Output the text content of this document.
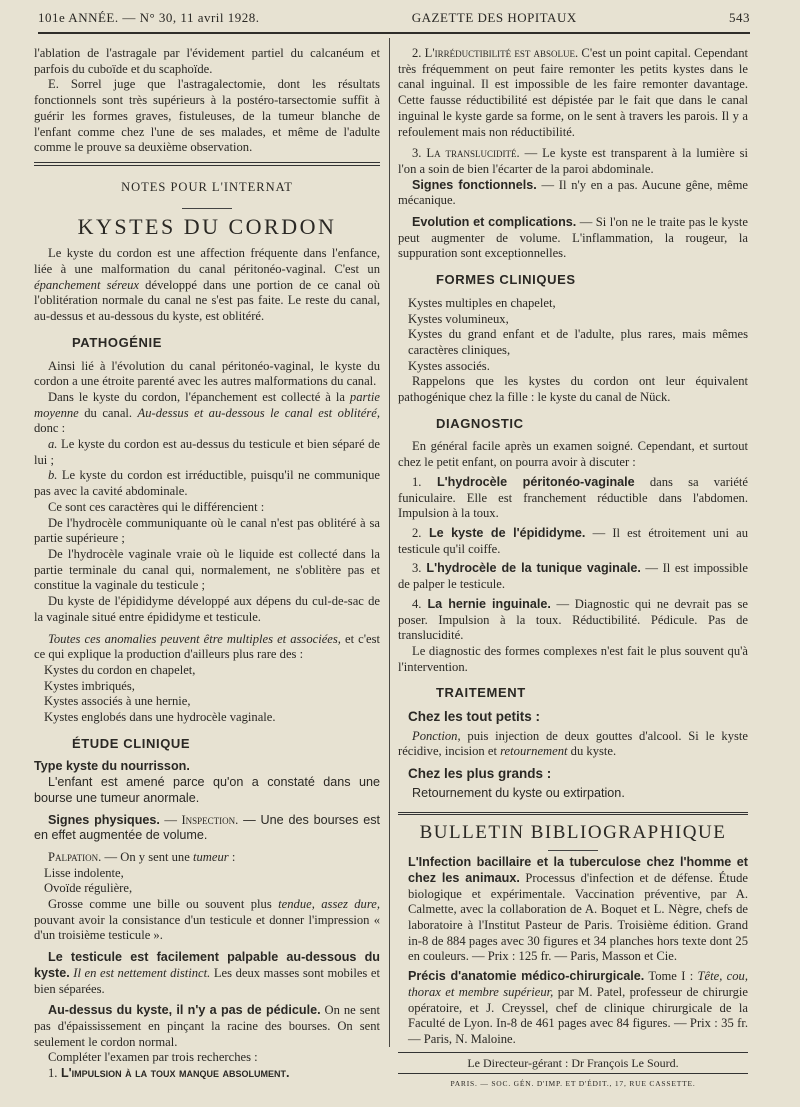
101e ANNÉE. — N° 30, 11 avril 1928.	GAZETTE DES HOPITAUX	543

l'ablation de l'astragale par l'évidement partiel du calcanéum et parfois du cuboïde et du scaphoïde.

E. Sorrel juge que l'astragalectomie, dont les résultats fonctionnels sont très supérieurs à la postéro-tarsectomie suffit à guérir les formes graves, fistuleuses, de la tumeur blanche de l'enfant comme chez l'une de ses malades, et même de l'adulte comme le prouve sa deuxième observation.

NOTES POUR L'INTERNAT
KYSTES DU CORDON

Le kyste du cordon est une affection fréquente dans l'enfance, liée à une malformation du canal péritonéo-vaginal. C'est un épanchement séreux développé dans une portion de ce canal où l'oblitération normale du canal ne s'est pas faite. Le reste du canal, au-dessus et au-dessous du kyste, est oblitéré.

PATHOGÉNIE

Ainsi lié à l'évolution du canal péritonéo-vaginal, le kyste du cordon a une étroite parenté avec les autres malformations du canal.

Dans le kyste du cordon, l'épanchement est collecté à la partie moyenne du canal. Au-dessus et au-dessous le canal est oblitéré, donc :

a. Le kyste du cordon est au-dessus du testicule et bien séparé de lui ;

b. Le kyste du cordon est irréductible, puisqu'il ne communique pas avec la cavité abdominale.

Ce sont ces caractères qui le différencient :

De l'hydrocèle communiquante où le canal n'est pas oblitéré à sa partie supérieure ;

De l'hydrocèle vaginale vraie où le liquide est collecté dans la partie terminale du canal qui, normalement, ne s'oblitère pas et constitue la vaginale du testicule ;

Du kyste de l'épididyme développé aux dépens du cul-de-sac de la vaginale situé entre épididyme et testicule.

Toutes ces anomalies peuvent être multiples et associées, et c'est ce qui explique la production d'ailleurs plus rare des :

Kystes du cordon en chapelet,
Kystes imbriqués,
Kystes associés à une hernie,
Kystes englobés dans une hydrocèle vaginale.
ÉTUDE CLINIQUE

Type kyste du nourrisson.

L'enfant est amené parce qu'on a constaté dans une bourse une tumeur anormale.

Signes physiques. — Inspection. — Une des bourses est en effet augmentée de volume.

Palpation. — On y sent une tumeur :

Lisse indolente,
Ovoïde régulière,

Grosse comme une bille ou souvent plus tendue, assez dure, pouvant avoir la consistance d'un testicule et donner l'impression « d'un troisième testicule ».

Le testicule est facilement palpable au-dessous du kyste. Il en est nettement distinct. Les deux masses sont mobiles et bien séparées.

Au-dessus du kyste, il n'y a pas de pédicule. On ne sent pas d'épaississement en pinçant la racine des bourses. On sent seulement le cordon normal.

Compléter l'examen par trois recherches :

1. L'impulsion à la toux manque absolument.

2. L'irréductibilité est absolue. C'est un point capital. Cependant très fréquemment on peut faire remonter les petits kystes dans le canal inguinal. Il est impossible de les faire remonter davantage. Cette fausse réductibilité est dépistée par le fait que dans le canal inguinal le kyste garde sa forme, on le sent à travers les parois. Il y a refoulement mais non réductibilité.

3. La translucidité. — Le kyste est transparent à la lumière si l'on a soin de bien l'écarter de la paroi abdominale.

Signes fonctionnels. — Il n'y en a pas. Aucune gêne, même mécanique.

Evolution et complications. — Si l'on ne le traite pas le kyste peut augmenter de volume. L'inflammation, la rougeur, la suppuration sont exceptionnelles.

FORMES CLINIQUES
Kystes multiples en chapelet,
Kystes volumineux,
Kystes du grand enfant et de l'adulte, plus rares, mais mêmes caractères cliniques,
Kystes associés.

Rappelons que les kystes du cordon ont leur équivalent pathogénique chez la fille : le kyste du canal de Nück.

DIAGNOSTIC

En général facile après un examen soigné. Cependant, et surtout chez le petit enfant, on pourra avoir à discuter :

1. L'hydrocèle péritonéo-vaginale dans sa variété funiculaire. Elle est franchement réductible dans l'abdomen. Impulsion à la toux.

2. Le kyste de l'épididyme. — Il est étroitement uni au testicule qu'il coiffe.

3. L'hydrocèle de la tunique vaginale. — Il est impossible de palper le testicule.

4. La hernie inguinale. — Diagnostic qui ne devrait pas se poser. Impulsion à la toux. Réductibilité. Pédicule. Pas de translucidité.

Le diagnostic des formes complexes n'est fait le plus souvent qu'à l'intervention.

TRAITEMENT
Chez les tout petits :

Ponction, puis injection de deux gouttes d'alcool. Si le kyste récidive, incision et retournement du kyste.

Chez les plus grands :

Retournement du kyste ou extirpation.

BULLETIN BIBLIOGRAPHIQUE

L'Infection bacillaire et la tuberculose chez l'homme et chez les animaux. Processus d'infection et de défense. Étude biologique et expérimentale. Vaccination préventive, par A. Calmette, avec la collaboration de A. Boquet et L. Nègre, chefs de laboratoire à l'Institut Pasteur de Paris. Troisième édition. Grand in-8 de 884 pages avec 30 figures et 34 planches hors texte dont 25 en couleurs. — Prix : 125 fr. — Paris, Masson et Cie.

Précis d'anatomie médico-chirurgicale. Tome I : Tête, cou, thorax et membre supérieur, par M. Patel, professeur de chirurgie opératoire, et J. Creyssel, chef de clinique chirurgicale de la Faculté de Lyon. In-8 de 461 pages avec 84 figures. — Prix : 35 fr. — Paris, N. Maloine.

Le Directeur-gérant : Dr François Le Sourd.
PARIS. — SOC. GÉN. D'IMP. ET D'ÉDIT., 17, RUE CASSETTE.
